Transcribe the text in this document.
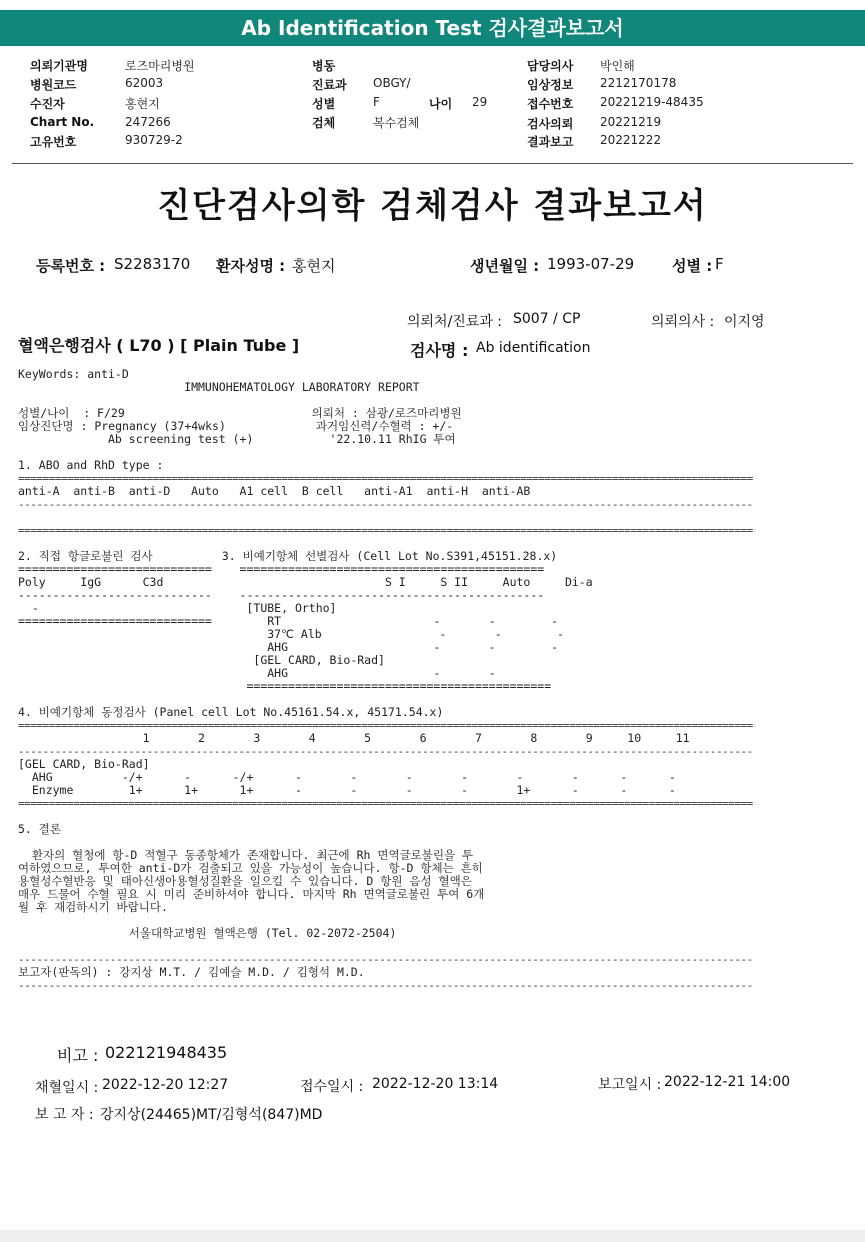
Ab Identification Test 검사결과보고서
의뢰기관명	로즈마리병원
병원코드	62003
수진자	홍현지
Chart No.	247266
고유번호	930729-2
병동
진료과 OBGY/
성별	F	나이 29
검체	복수검체
담당의사 박인해
임상정보 2212170178
접수번호 20221219-48435
검사의뢰 20221219
결과보고 20221222
진단검사의학 검체검사 결과보고서
등록번호 : S2283170 환자성명 : 홍현지	생년월일 : 1993-07-29	성별 : F
의뢰처/진료과 : S007 / CP	의뢰의사 : 이지영
혈액은행검사 ( L70 ) [ Plain Tube ]	검사명 : Ab identification
KeyWords: anti-D
IMMUNOHEMATOLOGY LABORATORY REPORT
성별/나이  : F/29                           의뢰처 : 삼광/로즈마리병원
임상진단명 : Pregnancy (37+4wks)             과거임신력/수혈력 : +/-
Ab screening test (+)           '22.10.11 RhIG 투여
1. ABO and RhD type :
========================================================================================================================
anti-A  anti-B  anti-D   Auto   A1 cell  B cell   anti-A1  anti-H  anti-AB
------------------------------------------------------------------------------------------------------------------------
========================================================================================================================
2. 직접 항글로불린 검사          3. 비예기항체 선별검사 (Cell Lot No.S391,45151.28.x)
============================    ============================================
Poly     IgG      C3d                                S I     S II     Auto     Di-a
----------------------------    --------------------------------------------
-                              [TUBE, Ortho]
============================        RT                      -       -        -
37℃ Alb                 -       -        -
AHG                     -       -        -
[GEL CARD, Bio-Rad]
AHG                     -       -
============================================
4. 비예기항체 동정검사 (Panel cell Lot No.45161.54.x, 45171.54.x)
========================================================================================================================
1       2       3       4       5       6       7       8       9     10     11
------------------------------------------------------------------------------------------------------------------------
[GEL CARD, Bio-Rad]
AHG          -/+      -      -/+      -       -       -       -       -       -      -      -
Enzyme        1+      1+      1+      -       -       -       -       1+      -      -      -
========================================================================================================================
5. 결론
환자의 혈청에 항-D 적혈구 동종항체가 존재합니다. 최근에 Rh 면역글로불린을 투
여하였으므로, 투여한 anti-D가 검출되고 있을 가능성이 높습니다. 항-D 항체는 흔히
용혈성수혈반응 및 태아신생아용혈성질환을 일으킬 수 있습니다. D 항원 음성 혈액은
매우 드물어 수혈 필요 시 미리 준비하셔야 합니다. 마지막 Rh 면역글로불린 투여 6개
월 후 재검하시기 바랍니다.
서울대학교병원 혈액은행 (Tel. 02-2072-2504)
------------------------------------------------------------------------------------------------------------------------
보고자(판독의) : 강지상 M.T. / 김예슬 M.D. / 김형석 M.D.
------------------------------------------------------------------------------------------------------------------------
비고 : 022121948435
채혈일시 : 2022-12-20 12:27	접수일시 : 2022-12-20 13:14	보고일시 : 2022-12-21 14:00
보 고 자 : 강지상(24465)MT/김형석(847)MD
